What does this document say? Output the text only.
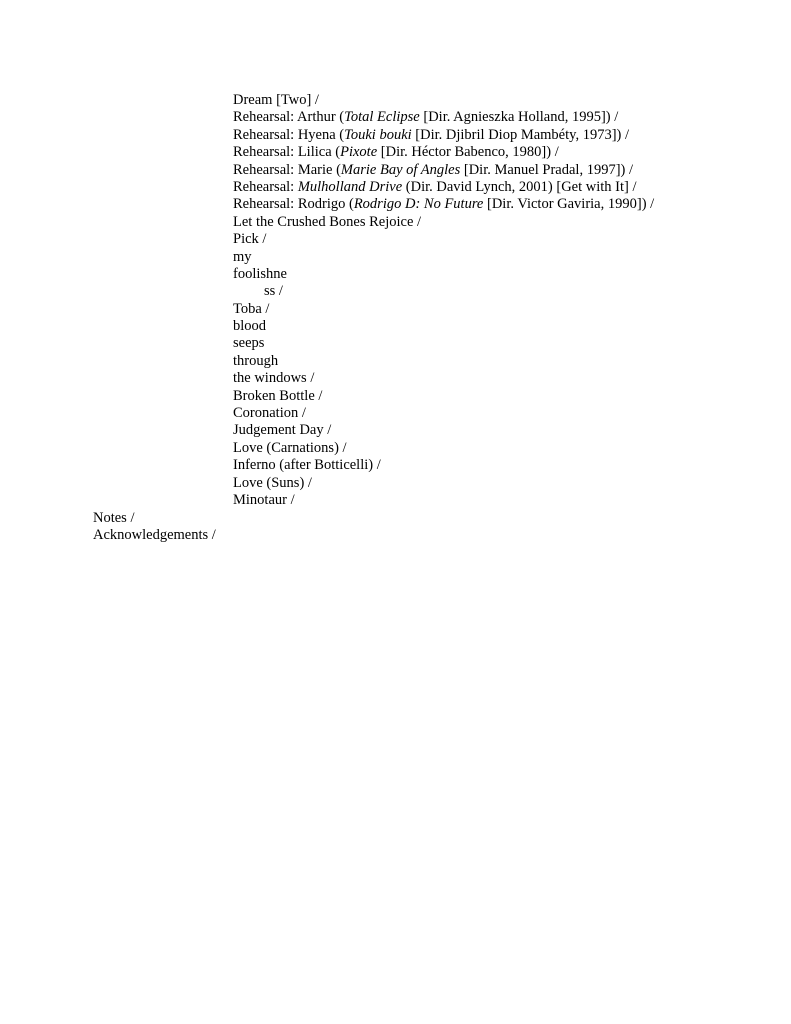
Dream [Two] /
Rehearsal: Arthur (Total Eclipse [Dir. Agnieszka Holland, 1995]) /
Rehearsal: Hyena (Touki bouki [Dir. Djibril Diop Mambéty, 1973]) /
Rehearsal: Lilica (Pixote [Dir. Héctor Babenco, 1980]) /
Rehearsal: Marie (Marie Bay of Angles [Dir. Manuel Pradal, 1997]) /
Rehearsal: Mulholland Drive (Dir. David Lynch, 2001) [Get with It] /
Rehearsal: Rodrigo (Rodrigo D: No Future [Dir. Victor Gaviria, 1990]) /
Let the Crushed Bones Rejoice /
Pick /
my
foolishne
ss /
Toba /
blood
seeps
through
the windows /
Broken Bottle /
Coronation /
Judgement Day /
Love (Carnations) /
Inferno (after Botticelli) /
Love (Suns) /
Minotaur /
Notes /
Acknowledgements /
